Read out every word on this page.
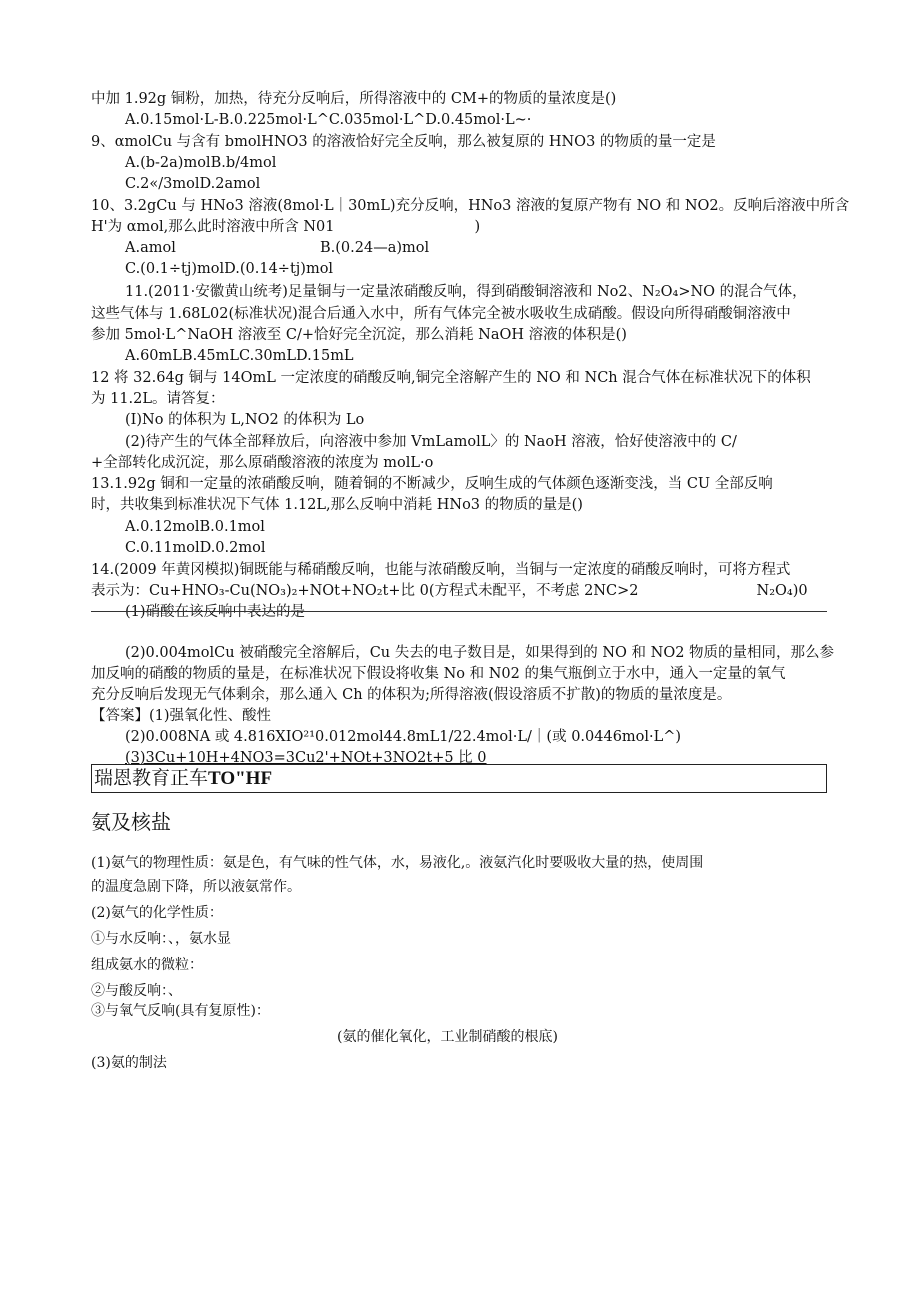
中加 1.92g 铜粉，加热，待充分反响后，所得溶液中的 CM+的物质的量浓度是()
A.0.15mol·L-B.0.225mol·L^C.035mol·L^D.0.45mol·L~·
9、αmolCu 与含有 bmolHNO3 的溶液恰好完全反响，那么被复原的 HNO3 的物质的量一定是
A.(b-2a)molB.b/4mol
C.2«/3molD.2amol
10、3.2gCu 与 HNo3 溶液(8mol·L｜30mL)充分反响，HNo3 溶液的复原产物有 NO 和 NO2。反响后溶液中所含
H'为 αmol,那么此时溶液中所含 N01	)
A.amol	B.(0.24—a)mol
C.(0.1÷tj)molD.(0.14÷tj)mol
11.(2011·安徽黄山统考)足量铜与一定量浓硝酸反响，得到硝酸铜溶液和 No2、N₂O₄>NO 的混合气体，
这些气体与 1.68L02(标准状况)混合后通入水中，所有气体完全被水吸收生成硝酸。假设向所得硝酸铜溶液中
参加 5mol·L^NaOH 溶液至 C/+恰好完全沉淀，那么消耗 NaOH 溶液的体积是()
A.60mLB.45mLC.30mLD.15mL
12 将 32.64g 铜与 14OmL 一定浓度的硝酸反响,铜完全溶解产生的 NO 和 NCh 混合气体在标准状况下的体积
为 11.2L。请答复：
(I)No 的体积为 L,NO2 的体积为 Lo
(2)待产生的气体全部释放后，向溶液中参加 VmLamolL〉的 NaoH 溶液，恰好使溶液中的 C/
+全部转化成沉淀，那么原硝酸溶液的浓度为 molL·o
13.1.92g 铜和一定量的浓硝酸反响，随着铜的不断减少，反响生成的气体颜色逐渐变浅，当 CU 全部反响
时，共收集到标准状况下气体 1.12L,那么反响中消耗 HNo3 的物质的量是()
A.0.12molB.0.1mol
C.0.11molD.0.2mol
14.(2009 年黄冈模拟)铜既能与稀硝酸反响，也能与浓硝酸反响，当铜与一定浓度的硝酸反响时，可将方程式
表示为：Cu+HNO₃-Cu(NO₃)₂+NOt+NO₂t+比 0(方程式未配平，不考虑 2NC>2	N₂O₄)0
(1)硝酸在该反响中表达的是
(2)0.004molCu 被硝酸完全溶解后，Cu 失去的电子数目是，如果得到的 NO 和 NO2 物质的量相同，那么参
加反响的硝酸的物质的量是，在标准状况下假设将收集 No 和 N02 的集气瓶倒立于水中，通入一定量的氧气
充分反响后发现无气体剩余，那么通入 Ch 的体积为;所得溶液(假设溶质不扩散)的物质的量浓度是。
【答案】(1)强氧化性、酸性
(2)0.008NA 或 4.816XIO²¹0.012mol44.8mL1/22.4mol·L/｜(或 0.0446mol·L^)
(3)3Cu+10H+4NO3=3Cu2'+NOt+3NO2t+5 比 0
瑞恩教育正车TO"HF
氨及核盐
(1)氨气的物理性质：氨是色，有气味的性气体，水，易液化,。液氨汽化时要吸收大量的热，使周围
的温度急剧下降，所以液氨常作。
(2)氨气的化学性质：
①与水反响：、，氨水显
组成氨水的微粒：
②与酸反响：、
③与氧气反响(具有复原性)：
(氨的催化氧化，工业制硝酸的根底)
(3)氨的制法
